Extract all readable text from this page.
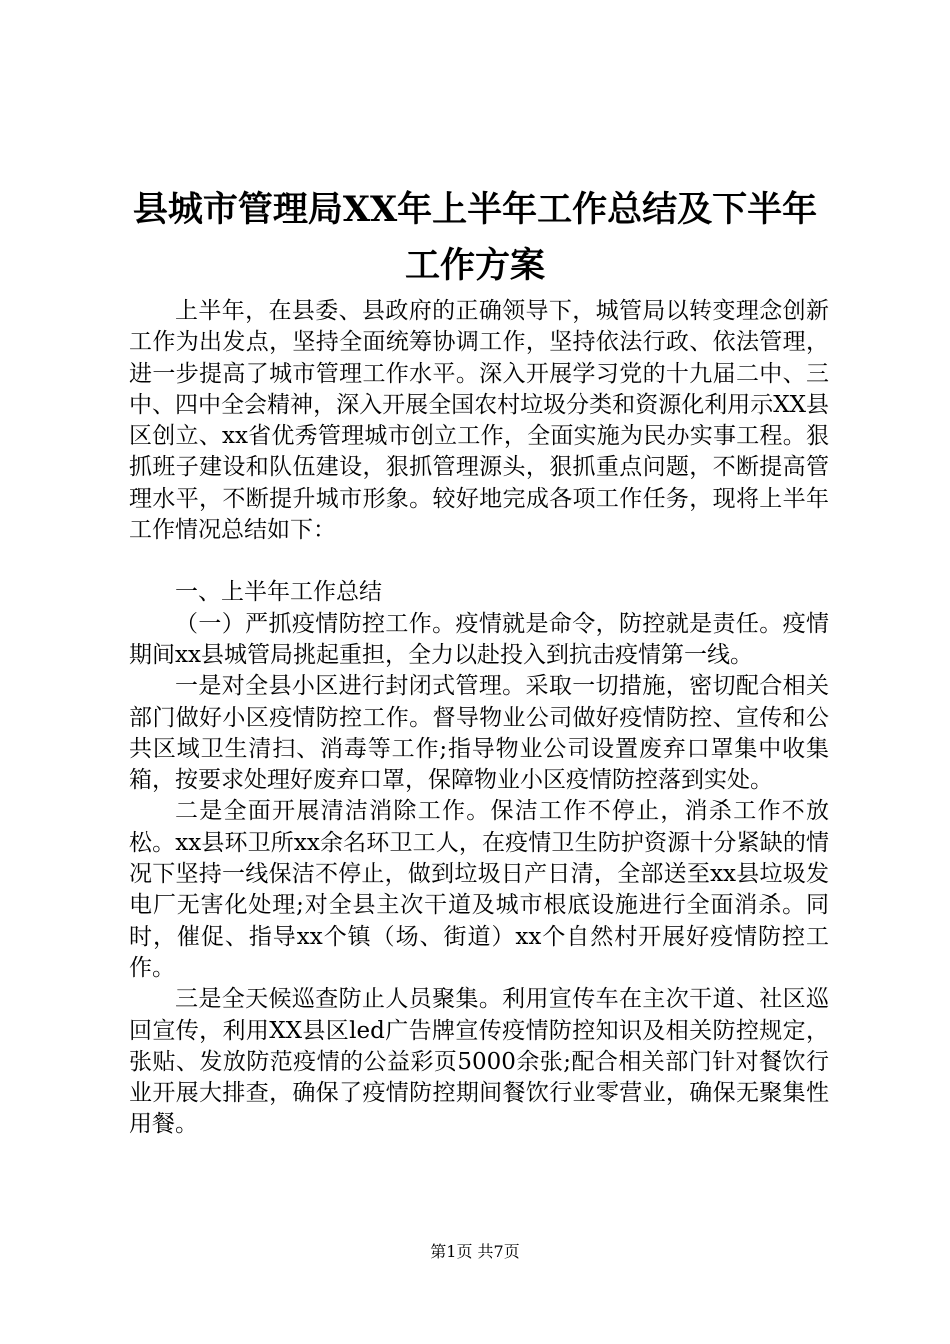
县城市管理局XX年上半年工作总结及下半年
工作方案

上半年，在县委、县政府的正确领导下，城管局以转变理念创新工作为出发点，坚持全面统筹协调工作，坚持依法行政、依法管理，进一步提高了城市管理工作水平。深入开展学习党的十九届二中、三中、四中全会精神，深入开展全国农村垃圾分类和资源化利用示XX县区创立、xx省优秀管理城市创立工作，全面实施为民办实事工程。狠抓班子建设和队伍建设，狠抓管理源头，狠抓重点问题，不断提高管理水平，不断提升城市形象。较好地完成各项工作任务，现将上半年工作情况总结如下：

一、上半年工作总结

（一）严抓疫情防控工作。疫情就是命令，防控就是责任。疫情期间xx县城管局挑起重担，全力以赴投入到抗击疫情第一线。

一是对全县小区进行封闭式管理。采取一切措施，密切配合相关部门做好小区疫情防控工作。督导物业公司做好疫情防控、宣传和公共区域卫生清扫、消毒等工作;指导物业公司设置废弃口罩集中收集箱，按要求处理好废弃口罩，保障物业小区疫情防控落到实处。

二是全面开展清洁消除工作。保洁工作不停止，消杀工作不放松。xx县环卫所xx余名环卫工人，在疫情卫生防护资源十分紧缺的情况下坚持一线保洁不停止，做到垃圾日产日清，全部送至xx县垃圾发电厂无害化处理;对全县主次干道及城市根底设施进行全面消杀。同时，催促、指导xx个镇（场、街道）xx个自然村开展好疫情防控工作。

三是全天候巡查防止人员聚集。利用宣传车在主次干道、社区巡回宣传，利用XX县区led广告牌宣传疫情防控知识及相关防控规定，张贴、发放防范疫情的公益彩页5000余张;配合相关部门针对餐饮行业开展大排查，确保了疫情防控期间餐饮行业零营业，确保无聚集性用餐。

第1页 共7页
